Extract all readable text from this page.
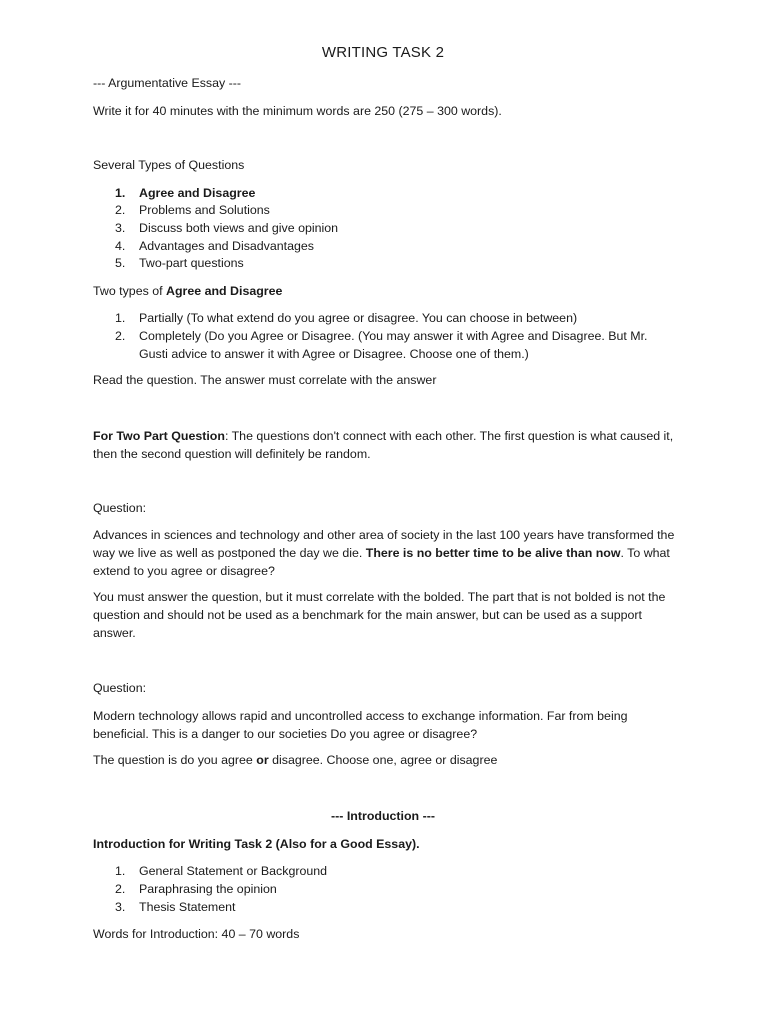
WRITING TASK 2
--- Argumentative Essay ---
Write it for 40 minutes with the minimum words are 250 (275 – 300 words).
Several Types of Questions
1. Agree and Disagree
2. Problems and Solutions
3. Discuss both views and give opinion
4. Advantages and Disadvantages
5. Two-part questions
Two types of Agree and Disagree
1. Partially (To what extend do you agree or disagree. You can choose in between)
2. Completely (Do you Agree or Disagree. (You may answer it with Agree and Disagree. But Mr. Gusti advice to answer it with Agree or Disagree. Choose one of them.)
Read the question. The answer must correlate with the answer
For Two Part Question: The questions don't connect with each other. The first question is what caused it, then the second question will definitely be random.
Question:
Advances in sciences and technology and other area of society in the last 100 years have transformed the way we live as well as postponed the day we die. There is no better time to be alive than now. To what extend to you agree or disagree?
You must answer the question, but it must correlate with the bolded. The part that is not bolded is not the question and should not be used as a benchmark for the main answer, but can be used as a support answer.
Question:
Modern technology allows rapid and uncontrolled access to exchange information. Far from being beneficial. This is a danger to our societies Do you agree or disagree?
The question is do you agree or disagree. Choose one, agree or disagree
--- Introduction ---
Introduction for Writing Task 2 (Also for a Good Essay).
1. General Statement or Background
2. Paraphrasing the opinion
3. Thesis Statement
Words for Introduction: 40 – 70 words
